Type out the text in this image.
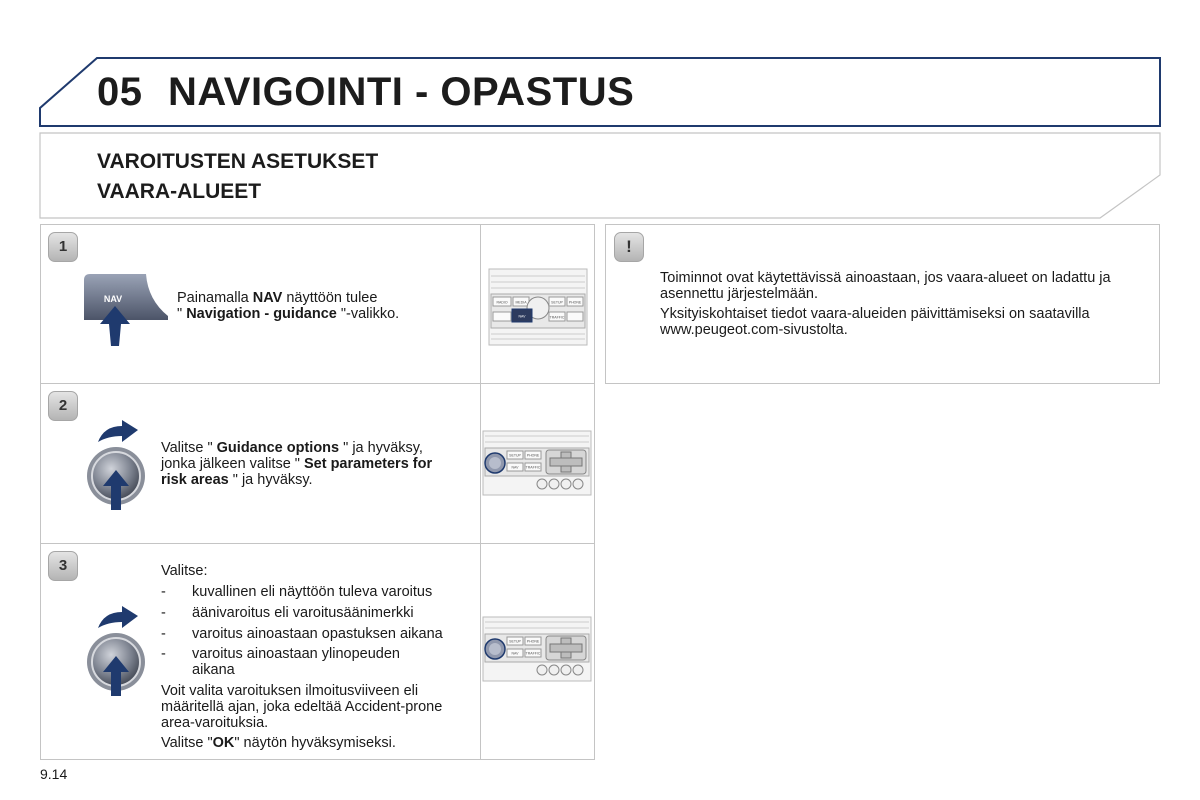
05 NAVIGOINTI - OPASTUS
VAROITUSTEN ASETUKSET
VAARA-ALUEET
1
NAV	Painamalla NAV näyttöön tulee
" Navigation - guidance "-valikko.
RADIO MEDIA	SETUP PHONE
NAV	TRAFFIC
2
Valitse " Guidance options " ja hyväksy,
jonka jälkeen valitse " Set parameters for
risk areas " ja hyväksy.
SETUP PHONE
NAV TRAFFIC
3	Valitse:
- kuvallinen eli näyttöön tuleva varoitus
- äänivaroitus eli varoitusäänimerkki
- varoitus ainoastaan opastuksen aikana
- varoitus ainoastaan ylinopeuden aikana
Voit valita varoituksen ilmoitusviiveen eli määritellä ajan, joka edeltää Accident-prone area-varoituksia.
Valitse "OK" näytön hyväksymiseksi.
SETUP PHONE
NAV TRAFFIC
!
Toiminnot ovat käytettävissä ainoastaan, jos vaara-alueet on ladattu ja asennettu järjestelmään.
Yksityiskohtaiset tiedot vaara-alueiden päivittämiseksi on saatavilla www.peugeot.com-sivustolta.
9.14
